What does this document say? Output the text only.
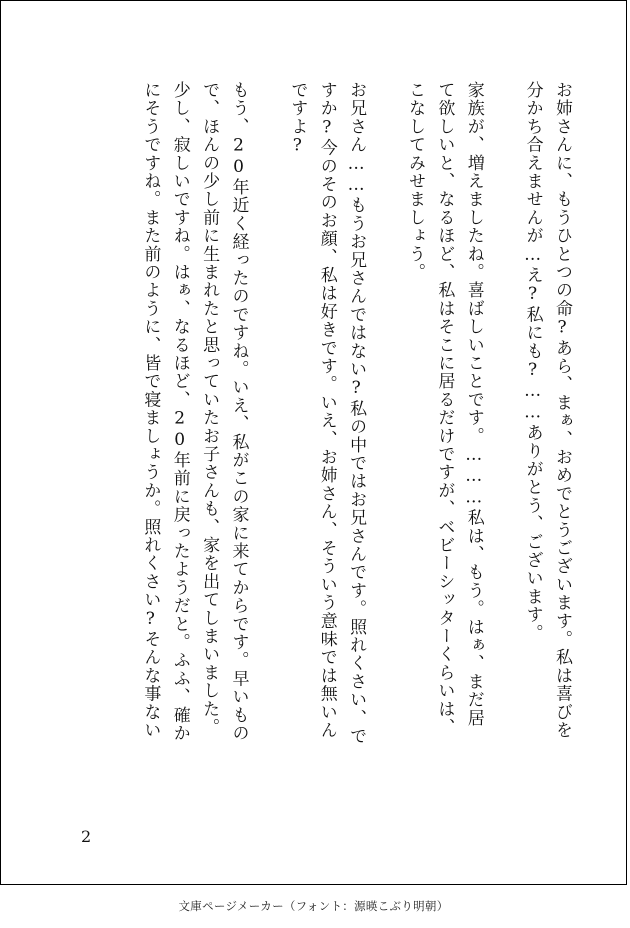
お姉さんに、もうひとつの命?あら、まぁ、おめでとうございます。私は喜びを
分かち合えませんが…え?私にも?……ありがとう、ございます。

家族が、増えましたね。喜ばしいことです。………私は、もう。はぁ、まだ居
て欲しいと、なるほど、私はそこに居るだけですが、ベビーシッターくらいは、
こなしてみせましょう。

お兄さん……もうお兄さんではない?私の中ではお兄さんです。照れくさい、で
すか?今のそのお顔、私は好きです。いえ、お姉さん、そういう意味では無いん
ですよ?

もう、20年近く経ったのですね。いえ、私がこの家に来てからです。早いもの
で、ほんの少し前に生まれたと思っていたお子さんも、家を出てしまいました。
少し、寂しいですね。はぁ、なるほど、20年前に戻ったようだと。ふふ、確か
にそうですね。また前のように、皆で寝ましょうか。照れくさい?そんな事ない
2
文庫ページメーカー（フォント：源暎こぶり明朝）
